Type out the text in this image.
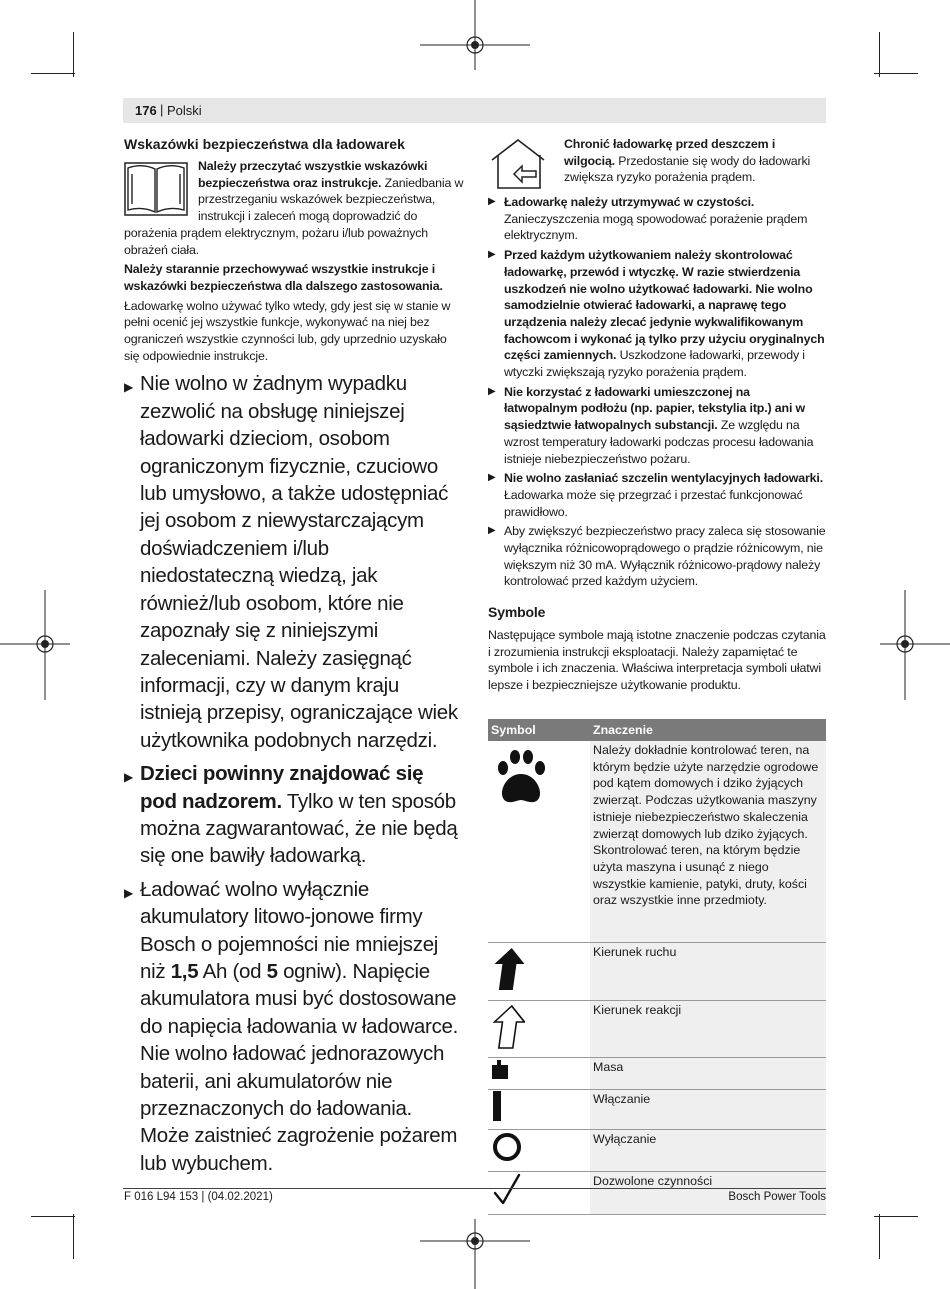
176 | Polski
Wskazówki bezpieczeństwa dla ładowarek

Należy przeczytać wszystkie wskazówki bezpieczeństwa oraz instrukcje. Zaniedbania w przestrzeganiu wskazówek bezpieczeństwa, instrukcji i zaleceń mogą doprowadzić do porażenia prądem elektrycznym, pożaru i/lub poważnych obrażeń ciała.

Należy starannie przechowywać wszystkie instrukcje i wskazówki bezpieczeństwa dla dalszego zastosowania.

Ładowarkę wolno używać tylko wtedy, gdy jest się w stanie w pełni ocenić jej wszystkie funkcje, wykonywać na niej bez ograniczeń wszystkie czynności lub, gdy uprzednio uzyskało się odpowiednie instrukcje.

▶ Nie wolno w żadnym wypadku zezwolić na obsługę niniejszej ładowarki dzieciom, osobom ograniczonym fizycznie, czuciowo lub umysłowo, a także udostępniać jej osobom z niewystarczającym doświadczeniem i/lub niedostateczną wiedzą, jak również/lub osobom, które nie zapoznały się z niniejszymi zaleceniami. Należy zasięgnąć informacji, czy w danym kraju istnieją przepisy, ograniczające wiek użytkownika podobnych narzędzi.
▶ Dzieci powinny znajdować się pod nadzorem. Tylko w ten sposób można zagwarantować, że nie będą się one bawiły ładowarką.
▶ Ładować wolno wyłącznie akumulatory litowo-jonowe firmy Bosch o pojemności nie mniejszej niż 1,5 Ah (od 5 ogniw). Napięcie akumulatora musi być dostosowane do napięcia ładowania w ładowarce. Nie wolno ładować jednorazowych baterii, ani akumulatorów nie przeznaczonych do ładowania. Może zaistnieć zagrożenie pożarem lub wybuchem.

Chronić ładowarkę przed deszczem i wilgocią. Przedostanie się wody do ładowarki zwiększa ryzyko porażenia prądem.

▶ Ładowarkę należy utrzymywać w czystości. Zanieczyszczenia mogą spowodować porażenie prądem elektrycznym.
▶ Przed każdym użytkowaniem należy skontrolować ładowarkę, przewód i wtyczkę. W razie stwierdzenia uszkodzeń nie wolno użytkować ładowarki. Nie wolno samodzielnie otwierać ładowarki, a naprawę tego urządzenia należy zlecać jedynie wykwalifikowanym fachowcom i wykonać ją tylko przy użyciu oryginalnych części zamiennych. Uszkodzone ładowarki, przewody i wtyczki zwiększają ryzyko porażenia prądem.
▶ Nie korzystać z ładowarki umieszczonej na łatwopalnym podłożu (np. papier, tekstylia itp.) ani w sąsiedztwie łatwopalnych substancji. Ze względu na wzrost temperatury ładowarki podczas procesu ładowania istnieje niebezpieczeństwo pożaru.
▶ Nie wolno zasłaniać szczelin wentylacyjnych ładowarki. Ładowarka może się przegrzać i przestać funkcjonować prawidłowo.
▶ Aby zwiększyć bezpieczeństwo pracy zaleca się stosowanie wyłącznika różnicowoprądowego o prądzie różnicowym, nie większym niż 30 mA. Wyłącznik różnicowo-prądowy należy kontrolować przed każdym użyciem.
Symbole

Następujące symbole mają istotne znaczenie podczas czytania i zrozumienia instrukcji eksploatacji. Należy zapamiętać te symbole i ich znaczenia. Właściwa interpretacja symboli ułatwi lepsze i bezpieczniejsze użytkowanie produktu.

Symbol	Znaczenie
	Należy dokładnie kontrolować teren, na którym będzie użyte narzędzie ogrodowe pod kątem domowych i dziko żyjących zwierząt. Podczas użytkowania maszyny istnieje niebezpieczeństwo skaleczenia zwierząt domowych lub dziko żyjących. Skontrolować teren, na którym będzie użyta maszyna i usunąć z niego wszystkie kamienie, patyki, druty, kości oraz wszystkie inne przedmioty.
	Kierunek ruchu
	Kierunek reakcji
	Masa
	Włączanie
	Wyłączanie
	Dozwolone czynności
F 016 L94 153 | (04.02.2021)	Bosch Power Tools
